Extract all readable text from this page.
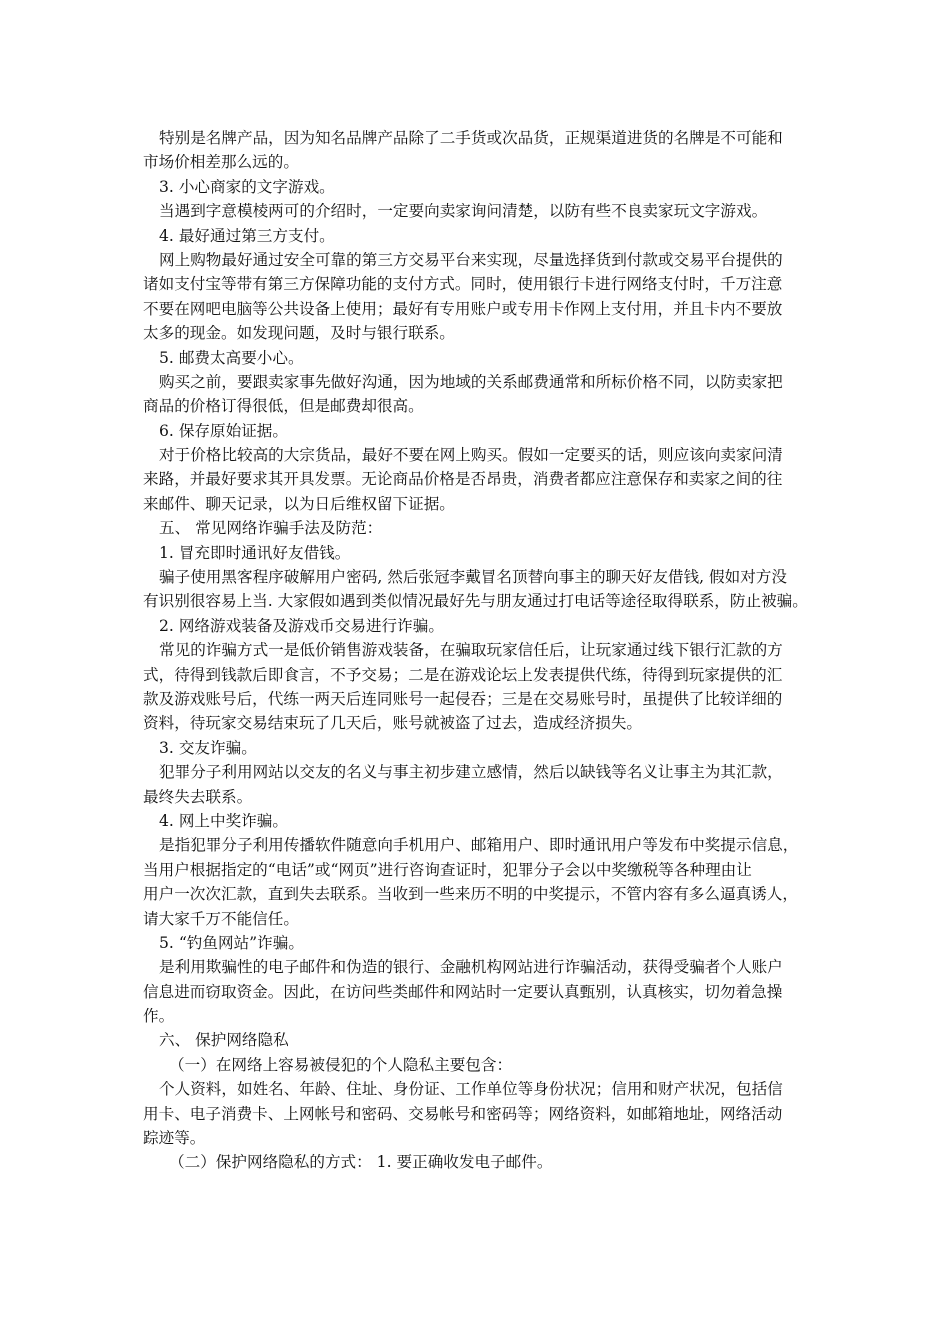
特别是名牌产品，因为知名品牌产品除了二手货或次品货，正规渠道进货的名牌是不可能和
市场价相差那么远的。
3. 小心商家的文字游戏。
当遇到字意模棱两可的介绍时，一定要向卖家询问清楚，以防有些不良卖家玩文字游戏。
4. 最好通过第三方支付。
网上购物最好通过安全可靠的第三方交易平台来实现，尽量选择货到付款或交易平台提供的
诸如支付宝等带有第三方保障功能的支付方式。同时，使用银行卡进行网络支付时，千万注意
不要在网吧电脑等公共设备上使用；最好有专用账户或专用卡作网上支付用，并且卡内不要放
太多的现金。如发现问题，及时与银行联系。
5. 邮费太高要小心。
购买之前，要跟卖家事先做好沟通，因为地域的关系邮费通常和所标价格不同，以防卖家把
商品的价格订得很低，但是邮费却很高。
6. 保存原始证据。
对于价格比较高的大宗货品，最好不要在网上购买。假如一定要买的话，则应该向卖家问清
来路，并最好要求其开具发票。无论商品价格是否昂贵，消费者都应注意保存和卖家之间的往
来邮件、聊天记录，以为日后维权留下证据。
五、 常见网络诈骗手法及防范：
1. 冒充即时通讯好友借钱。
骗子使用黑客程序破解用户密码, 然后张冠李戴冒名顶替向事主的聊天好友借钱, 假如对方没
有识别很容易上当. 大家假如遇到类似情况最好先与朋友通过打电话等途径取得联系，防止被骗。
2. 网络游戏装备及游戏币交易进行诈骗。
常见的诈骗方式一是低价销售游戏装备，在骗取玩家信任后，让玩家通过线下银行汇款的方
式，待得到钱款后即食言，不予交易；二是在游戏论坛上发表提供代练，待得到玩家提供的汇
款及游戏账号后，代练一两天后连同账号一起侵吞；三是在交易账号时，虽提供了比较详细的
资料，待玩家交易结束玩了几天后，账号就被盗了过去，造成经济损失。
3. 交友诈骗。
犯罪分子利用网站以交友的名义与事主初步建立感情，然后以缺钱等名义让事主为其汇款，
最终失去联系。
4. 网上中奖诈骗。
是指犯罪分子利用传播软件随意向手机用户、邮箱用户、即时通讯用户等发布中奖提示信息，
当用户根据指定的“电话”或“网页”进行咨询查证时，犯罪分子会以中奖缴税等各种理由让
用户一次次汇款，直到失去联系。当收到一些来历不明的中奖提示，不管内容有多么逼真诱人，
请大家千万不能信任。
5. “钓鱼网站”诈骗。
是利用欺骗性的电子邮件和伪造的银行、金融机构网站进行诈骗活动，获得受骗者个人账户
信息进而窃取资金。因此，在访问些类邮件和网站时一定要认真甄别，认真核实，切勿着急操
作。
六、 保护网络隐私
（一）在网络上容易被侵犯的个人隐私主要包含：
个人资料，如姓名、年龄、住址、身份证、工作单位等身份状况；信用和财产状况，包括信
用卡、电子消费卡、上网帐号和密码、交易帐号和密码等；网络资料，如邮箱地址，网络活动
踪迹等。
（二）保护网络隐私的方式： 1. 要正确收发电子邮件。
